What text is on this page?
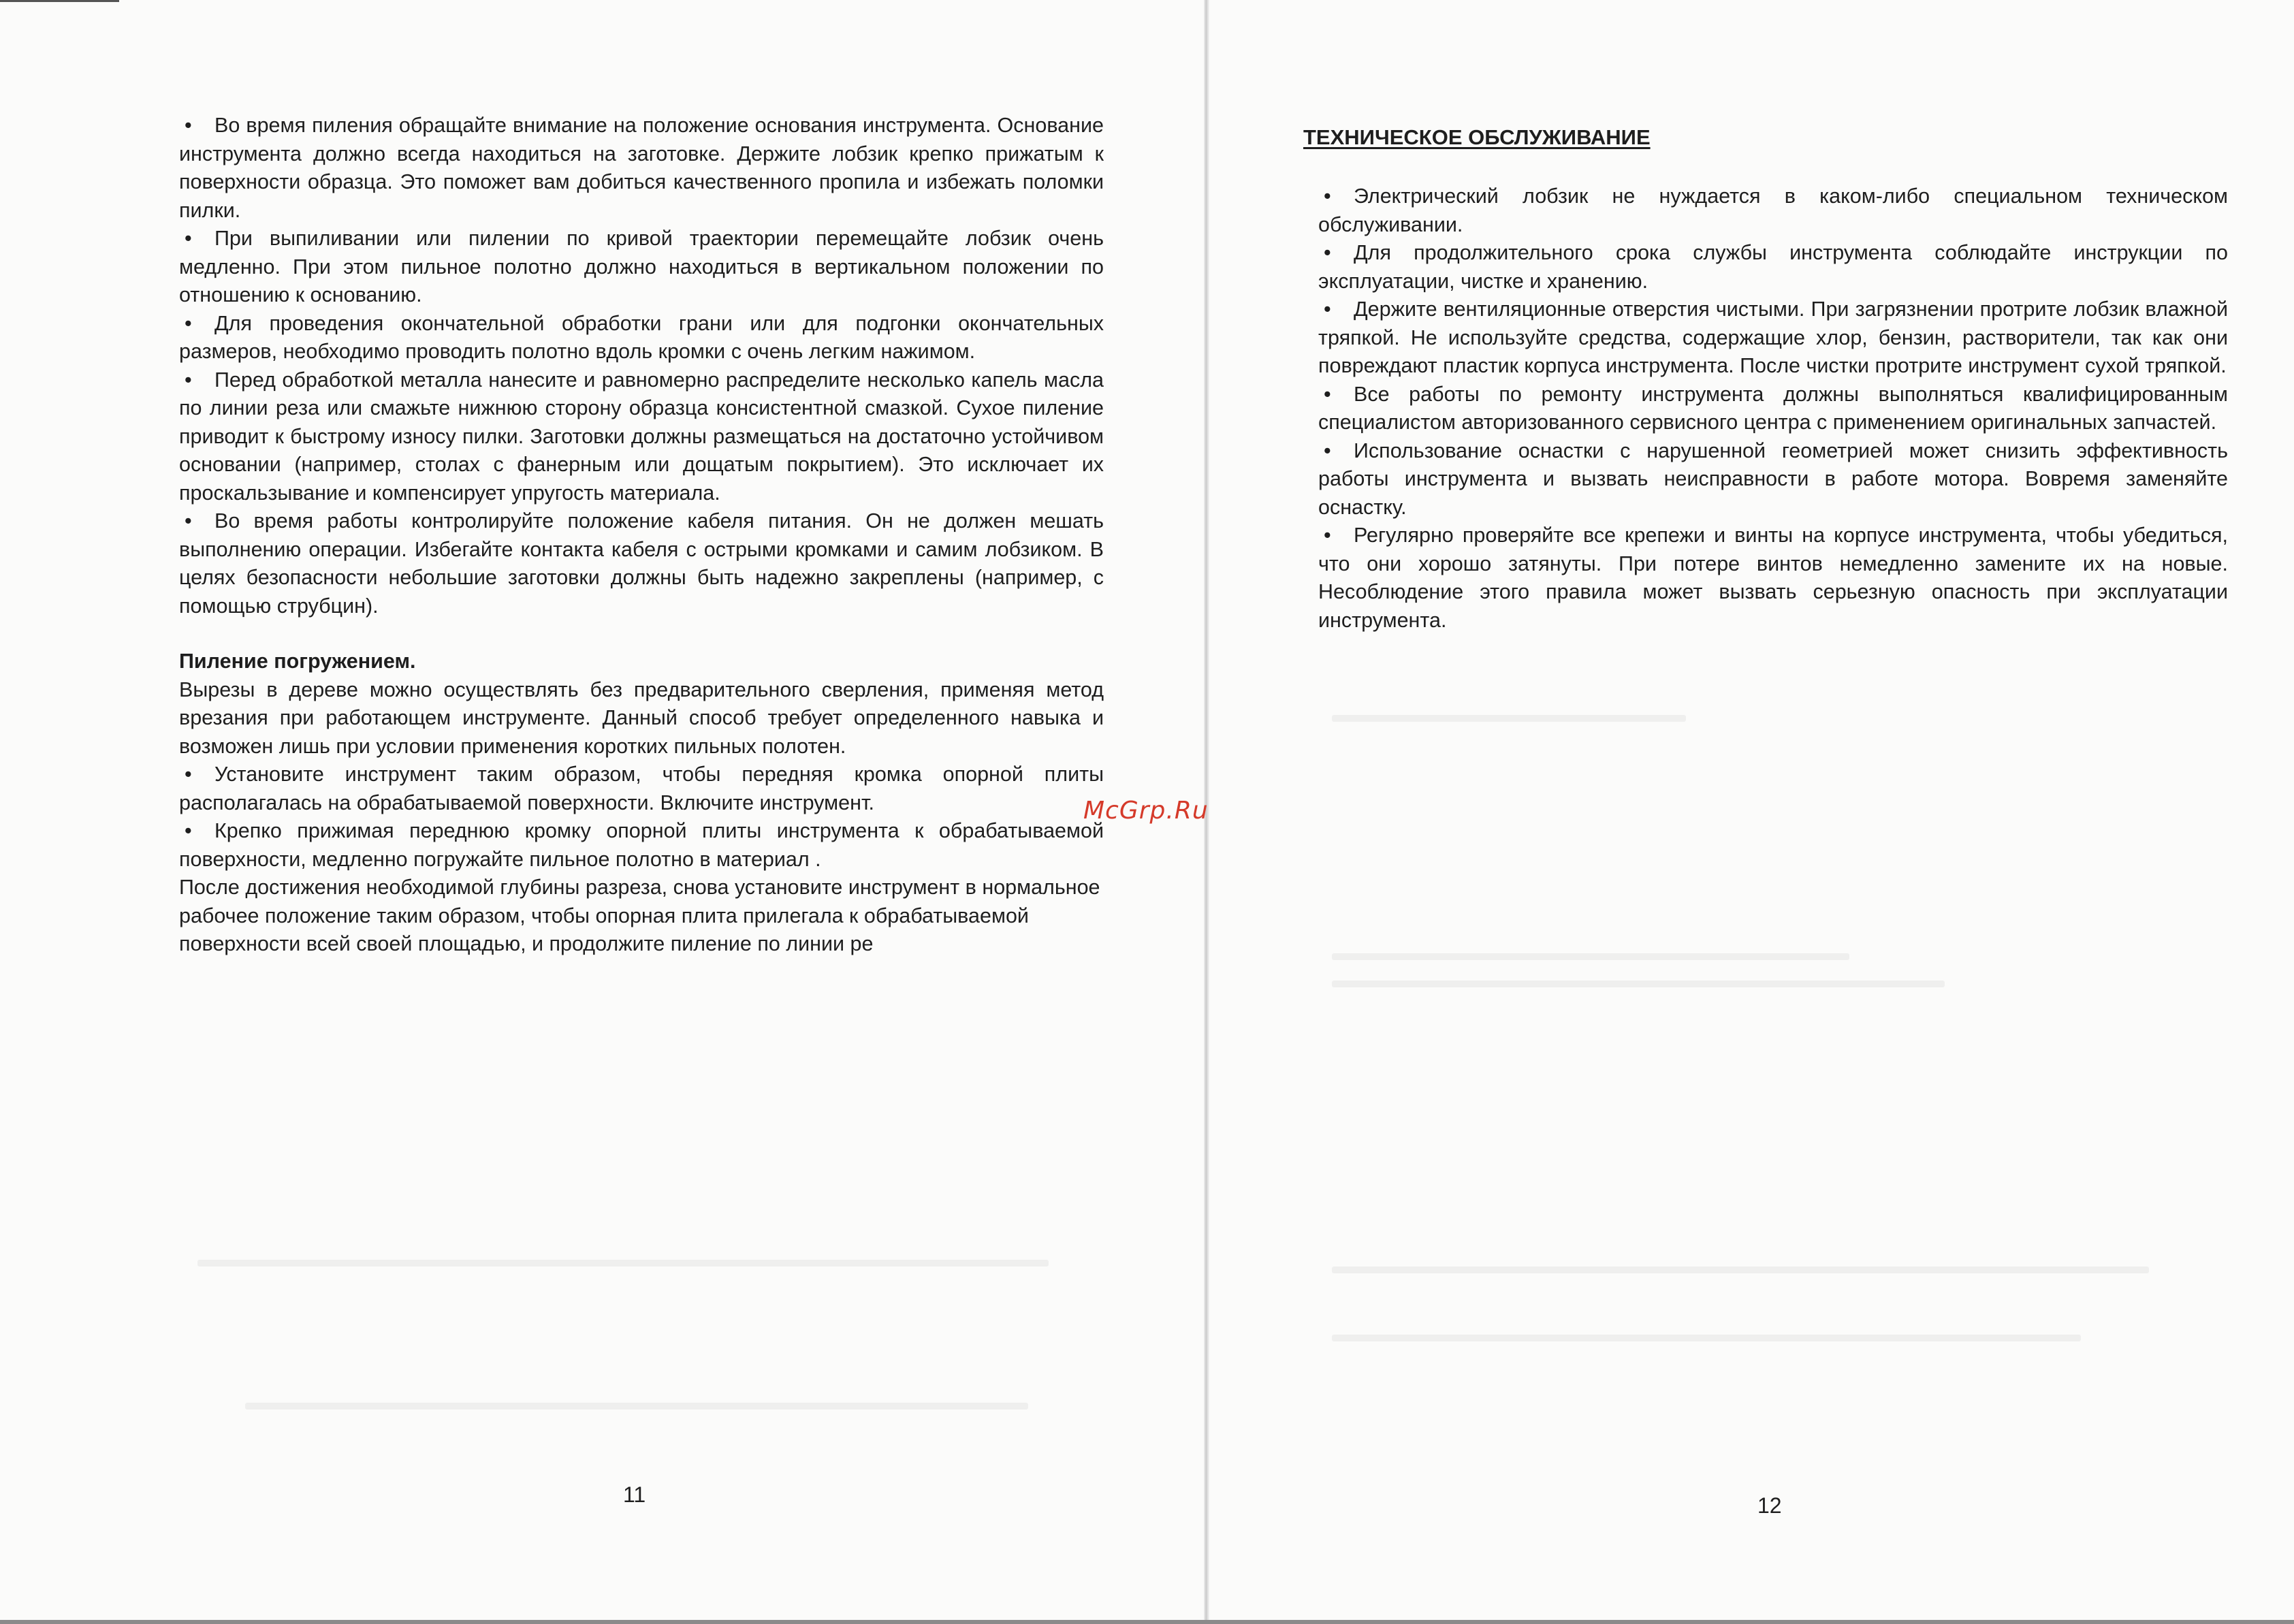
• Во время пиления обращайте внимание на положение основания инструмента. Основание инструмента должно всегда находиться на заготовке. Держите лобзик крепко прижатым к поверхности образца. Это поможет вам добиться качественного пропила и избежать поломки пилки.

• При выпиливании или пилении по кривой траектории перемещайте лобзик очень медленно. При этом пильное полотно должно находиться в вертикальном положении по отношению к основанию.

• Для проведения окончательной обработки грани или для подгонки окончательных размеров, необходимо проводить полотно вдоль кромки с очень легким нажимом.

• Перед обработкой металла нанесите и равномерно распределите несколько капель масла по линии реза или смажьте нижнюю сторону образца консистентной смазкой. Сухое пиление приводит к быстрому износу пилки. Заготовки должны размещаться на достаточно устойчивом основании (например, столах с фанерным или дощатым покрытием). Это исключает их проскальзывание и компенсирует упругость материала.

• Во время работы контролируйте положение кабеля питания. Он не должен мешать выполнению операции. Избегайте контакта кабеля с острыми кромками и самим лобзиком. В целях безопасности небольшие заготовки должны быть надежно закреплены (например, с помощью струбцин).

Пиление погружением.

Вырезы в дереве можно осуществлять без предварительного сверления, применяя метод врезания при работающем инструменте. Данный способ требует определенного навыка и возможен лишь при условии применения коротких пильных полотен.

• Установите инструмент таким образом, чтобы передняя кромка опорной плиты располагалась на обрабатываемой поверхности. Включите инструмент.

• Крепко прижимая переднюю кромку опорной плиты инструмента к обрабатываемой поверхности, медленно погружайте пильное полотно в материал .

После достижения необходимой глубины разреза, снова установите инструмент в нормальное рабочее положение таким образом, чтобы опорная плита прилегала к обрабатываемой поверхности всей своей площадью, и продолжите пиление по линии ре

ТЕХНИЧЕСКОЕ ОБСЛУЖИВАНИЕ

• Электрический лобзик не нуждается в каком-либо специальном техническом обслуживании.

• Для продолжительного срока службы инструмента соблюдайте инструкции по эксплуатации, чистке и хранению.

• Держите вентиляционные отверстия чистыми. При загрязнении протрите лобзик влажной тряпкой. Не используйте средства, содержащие хлор, бензин, растворители, так как они повреждают пластик корпуса инструмента. После чистки протрите инструмент сухой тряпкой.

• Все работы по ремонту инструмента должны выполняться квалифицированным специалистом авторизованного сервисного центра с применением оригинальных запчастей.

• Использование оснастки с нарушенной геометрией может снизить эффективность работы инструмента и вызвать неисправности в работе мотора. Вовремя заменяйте оснастку.

• Регулярно проверяйте все крепежи и винты на корпусе инструмента, чтобы убедиться, что они хорошо затянуты. При потере винтов немедленно замените их на новые. Несоблюдение этого правила может вызвать серьезную опасность при эксплуатации инструмента.

McGrp.Ru
11	12
